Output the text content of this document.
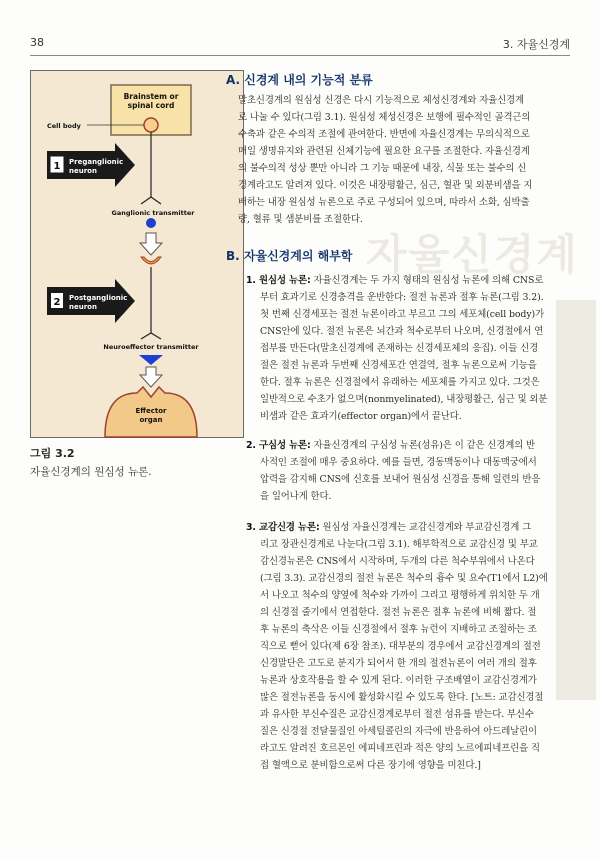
38	3. 자율신경계
자율신경계
Brainstem or
spinal cord
Cell body
1 Preganglionic
neuron
Ganglionic transmitter
2 Postganglionic
neuron
Neuroeffector transmitter
Effector
organ
그림 3.2
자율신경계의 원심성 뉴론.
A. 신경계 내의 기능적 분류
말초신경계의 원심성 신경은 다시 기능적으로 체성신경계와 자율신경계
로 나눌 수 있다(그림 3.1). 원심성 체성신경은 보행에 필수적인 골격근의
수축과 같은 수의적 조절에 관여한다. 반면에 자율신경계는 무의식적으로
매일 생명유지와 관련된 신체기능에 필요한 요구를 조절한다. 자율신경계
의 불수의적 성상 뿐만 아니라 그 기능 때문에 내장, 식물 또는 불수의 신
경계라고도 알려져 있다. 이것은 내장평활근, 심근, 혈관 및 외분비샘을 지
배하는 내장 원심성 뉴론으로 주로 구성되어 있으며, 따라서 소화, 심박출
량, 혈류 및 샘분비를 조절한다.
B. 자율신경계의 해부학
1. 원심성 뉴론: 자율신경계는 두 가지 형태의 원심성 뉴론에 의해 CNS로
부터 효과기로 신경충격을 운반한다: 절전 뉴론과 절후 뉴론(그림 3.2).
첫 번째 신경세포는 절전 뉴론이라고 부르고 그의 세포체(cell body)가
CNS안에 있다. 절전 뉴론은 뇌간과 척수로부터 나오며, 신경절에서 연
접부를 만든다(말초신경계에 존재하는 신경세포체의 응집). 이들 신경
절은 절전 뉴론과 두번째 신경세포간 연결역, 절후 뉴론으로써 기능을
한다. 절후 뉴론은 신경절에서 유래하는 세포체를 가지고 있다. 그것은
일반적으로 수초가 없으며(nonmyelinated), 내장평활근, 심근 및 외분
비샘과 같은 효과기(effector organ)에서 끝난다.
2. 구심성 뉴론: 자율신경계의 구심성 뉴론(섬유)은 이 같은 신경계의 반
사적인 조절에 매우 중요하다. 예를 들면, 경동맥동이나 대동맥궁에서
압력을 감지해 CNS에 신호를 보내어 원심성 신경을 통해 일련의 반응
을 일어나게 한다.
3. 교감신경 뉴론: 원심성 자율신경계는 교감신경계와 부교감신경계 그
리고 장관신경계로 나눈다(그림 3.1). 해부학적으로 교감신경 및 부교
감신경뉴론은 CNS에서 시작하며, 두개의 다른 척수부위에서 나온다
(그림 3.3). 교감신경의 절전 뉴론은 척수의 흉수 및 요수(T1에서 L2)에
서 나오고 척수의 양옆에 척수와 가까이 그리고 평행하게 위치한 두 개
의 신경절 줄기에서 연접한다. 절전 뉴론은 절후 뉴론에 비해 짧다. 절
후 뉴론의 축삭은 이들 신경절에서 절후 뉴런이 지배하고 조절하는 조
직으로 뻗어 있다(제 6장 참조). 대부분의 경우에서 교감신경계의 절전
신경말단은 고도로 분지가 되어서 한 개의 절전뉴론이 여러 개의 절후
뉴론과 상호작용을 할 수 있게 된다. 이러한 구조배열이 교감신경계가
많은 절전뉴론을 동시에 활성화시킬 수 있도록 한다. [노트: 교감신경절
과 유사한 부신수질은 교감신경계로부터 절전 섬유를 받는다. 부신수
질은 신경절 전달물질인 아세틸콜린의 자극에 반응하여 아드레날린이
라고도 알려진 호르몬인 에피네프린과 적은 양의 노르에피네프린을 직
접 혈액으로 분비함으로써 다른 장기에 영향을 미친다.]
